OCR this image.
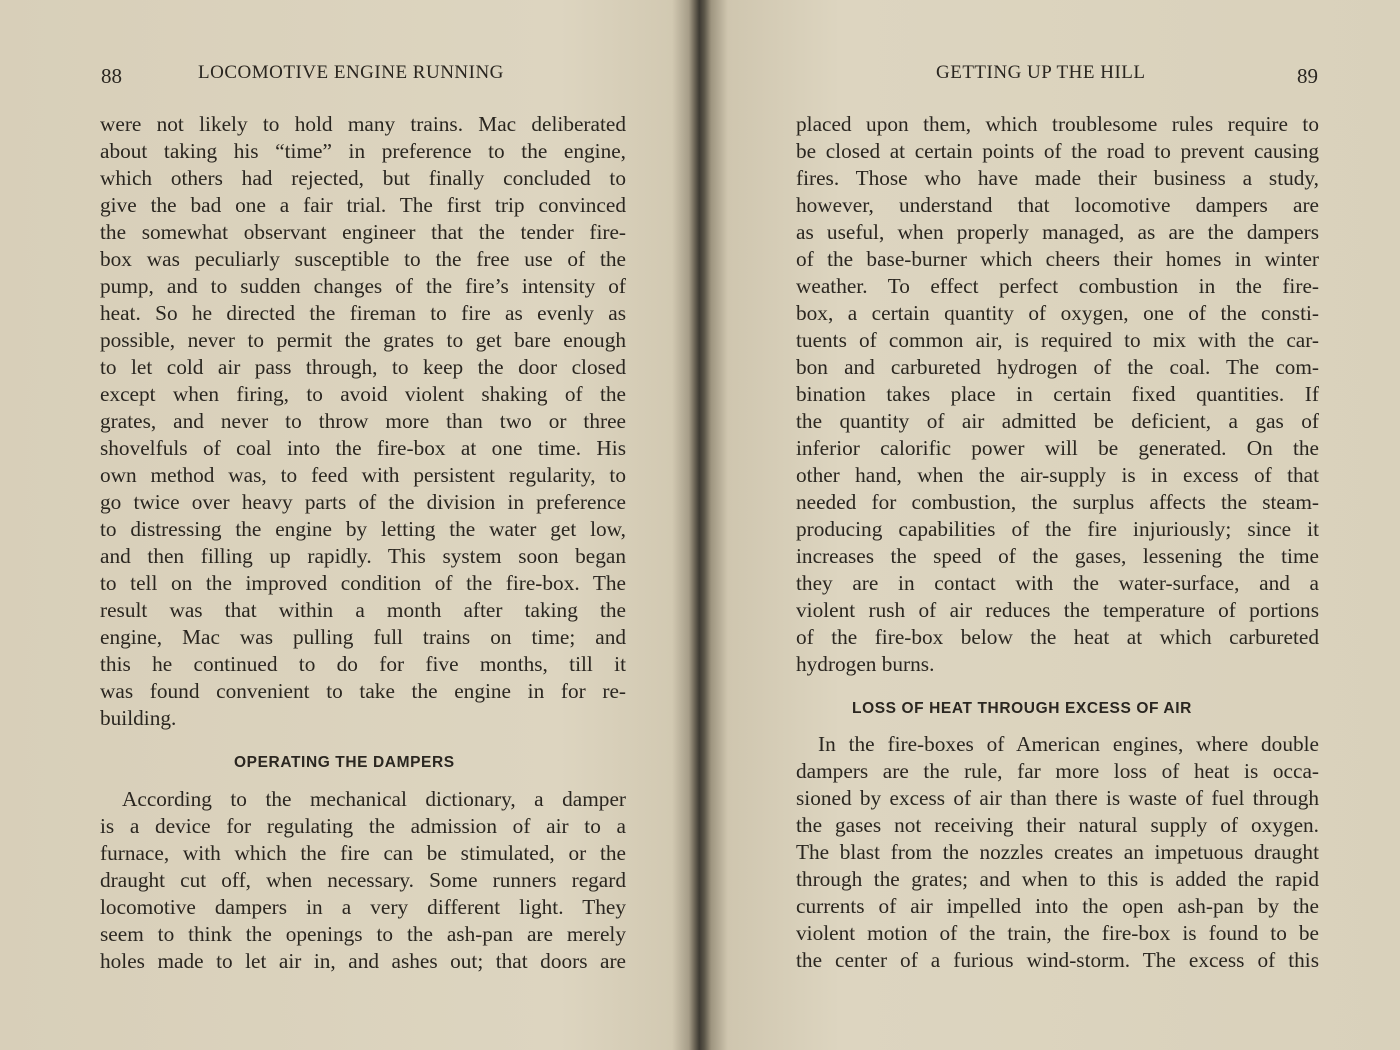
88	LOCOMOTIVE ENGINE RUNNING
were not likely to hold many trains. Mac deliberated
about taking his “time” in preference to the engine,
which others had rejected, but finally concluded to
give the bad one a fair trial. The first trip convinced
the somewhat observant engineer that the tender fire-
box was peculiarly susceptible to the free use of the
pump, and to sudden changes of the fire’s intensity of
heat. So he directed the fireman to fire as evenly as
possible, never to permit the grates to get bare enough
to let cold air pass through, to keep the door closed
except when firing, to avoid violent shaking of the
grates, and never to throw more than two or three
shovelfuls of coal into the fire-box at one time. His
own method was, to feed with persistent regularity, to
go twice over heavy parts of the division in preference
to distressing the engine by letting the water get low,
and then filling up rapidly. This system soon began
to tell on the improved condition of the fire-box. The
result was that within a month after taking the
engine, Mac was pulling full trains on time; and
this he continued to do for five months, till it
was found convenient to take the engine in for re-
building.
OPERATING THE DAMPERS
According to the mechanical dictionary, a damper
is a device for regulating the admission of air to a
furnace, with which the fire can be stimulated, or the
draught cut off, when necessary. Some runners regard
locomotive dampers in a very different light. They
seem to think the openings to the ash-pan are merely
holes made to let air in, and ashes out; that doors are
GETTING UP THE HILL	89
placed upon them, which troublesome rules require to
be closed at certain points of the road to prevent causing
fires. Those who have made their business a study,
however, understand that locomotive dampers are
as useful, when properly managed, as are the dampers
of the base-burner which cheers their homes in winter
weather. To effect perfect combustion in the fire-
box, a certain quantity of oxygen, one of the consti-
tuents of common air, is required to mix with the car-
bon and carbureted hydrogen of the coal. The com-
bination takes place in certain fixed quantities. If
the quantity of air admitted be deficient, a gas of
inferior calorific power will be generated. On the
other hand, when the air-supply is in excess of that
needed for combustion, the surplus affects the steam-
producing capabilities of the fire injuriously; since it
increases the speed of the gases, lessening the time
they are in contact with the water-surface, and a
violent rush of air reduces the temperature of portions
of the fire-box below the heat at which carbureted
hydrogen burns.
LOSS OF HEAT THROUGH EXCESS OF AIR
In the fire-boxes of American engines, where double
dampers are the rule, far more loss of heat is occa-
sioned by excess of air than there is waste of fuel through
the gases not receiving their natural supply of oxygen.
The blast from the nozzles creates an impetuous draught
through the grates; and when to this is added the rapid
currents of air impelled into the open ash-pan by the
violent motion of the train, the fire-box is found to be
the center of a furious wind-storm. The excess of this
